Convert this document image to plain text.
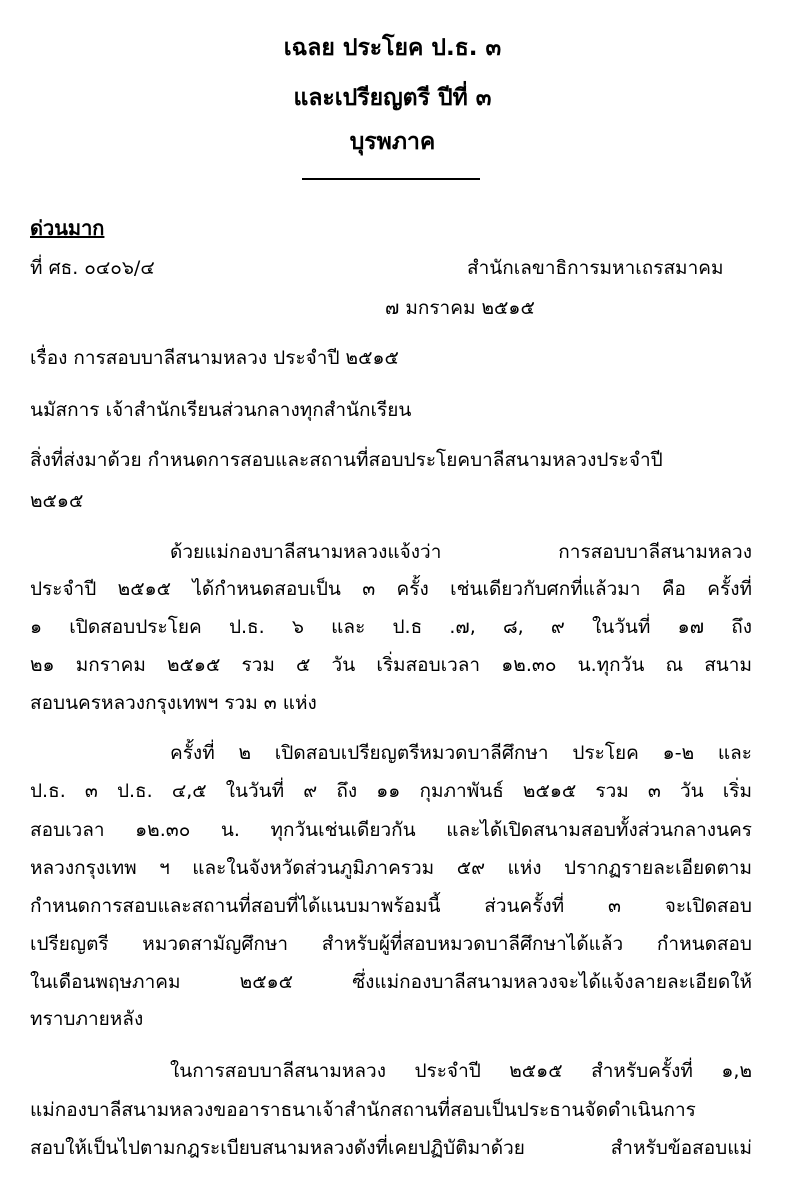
เฉลย ประโยค ป.ธ. ๓
และเปรียญตรี ปีที่ ๓
บุรพภาค
ด่วนมาก
ที่ ศธ. ๐๔๐๖/๔	สำนักเลขาธิการมหาเถรสมาคม
๗ มกราคม ๒๕๑๕
เรื่อง การสอบบาลีสนามหลวง ประจำปี ๒๕๑๕
นมัสการ เจ้าสำนักเรียนส่วนกลางทุกสำนักเรียน
สิ่งที่ส่งมาด้วย กำหนดการสอบและสถานที่สอบประโยคบาลีสนามหลวงประจำปี
๒๕๑๕
ด้วยแม่กองบาลีสนามหลวงแจ้งว่า การสอบบาลีสนามหลวง
ประจำปี ๒๕๑๕ ได้กำหนดสอบเป็น ๓ ครั้ง เช่นเดียวกับศกที่แล้วมา คือ ครั้งที่
๑ เปิดสอบประโยค ป.ธ. ๖ และ ป.ธ .๗, ๘, ๙ ในวันที่ ๑๗ ถึง
๒๑ มกราคม ๒๕๑๕ รวม ๕ วัน เริ่มสอบเวลา ๑๒.๓๐ น.ทุกวัน ณ สนาม
สอบนครหลวงกรุงเทพฯ รวม ๓ แห่ง
ครั้งที่ ๒ เปิดสอบเปรียญตรีหมวดบาลีศึกษา ประโยค ๑-๒ และ
ป.ธ. ๓ ป.ธ. ๔,๕ ในวันที่ ๙ ถึง ๑๑ กุมภาพันธ์ ๒๕๑๕ รวม ๓ วัน เริ่ม
สอบเวลา ๑๒.๓๐ น. ทุกวันเช่นเดียวกัน และได้เปิดสนามสอบทั้งส่วนกลางนคร
หลวงกรุงเทพ ฯ และในจังหวัดส่วนภูมิภาครวม ๕๙ แห่ง ปรากฏรายละเอียดตาม
กำหนดการสอบและสถานที่สอบที่ได้แนบมาพร้อมนี้ ส่วนครั้งที่ ๓ จะเปิดสอบ
เปรียญตรี หมวดสามัญศึกษา สำหรับผู้ที่สอบหมวดบาลีศึกษาได้แล้ว กำหนดสอบ
ในเดือนพฤษภาคม ๒๕๑๕ ซึ่งแม่กองบาลีสนามหลวงจะได้แจ้งลายละเอียดให้
ทราบภายหลัง
ในการสอบบาลีสนามหลวง ประจำปี ๒๕๑๕ สำหรับครั้งที่ ๑,๒
แม่กองบาลีสนามหลวงขออาราธนาเจ้าสำนักสถานที่สอบเป็นประธานจัดดำเนินการ
สอบให้เป็นไปตามกฎระเบียบสนามหลวงดังที่เคยปฏิบัติมาด้วย สำหรับข้อสอบแม่
